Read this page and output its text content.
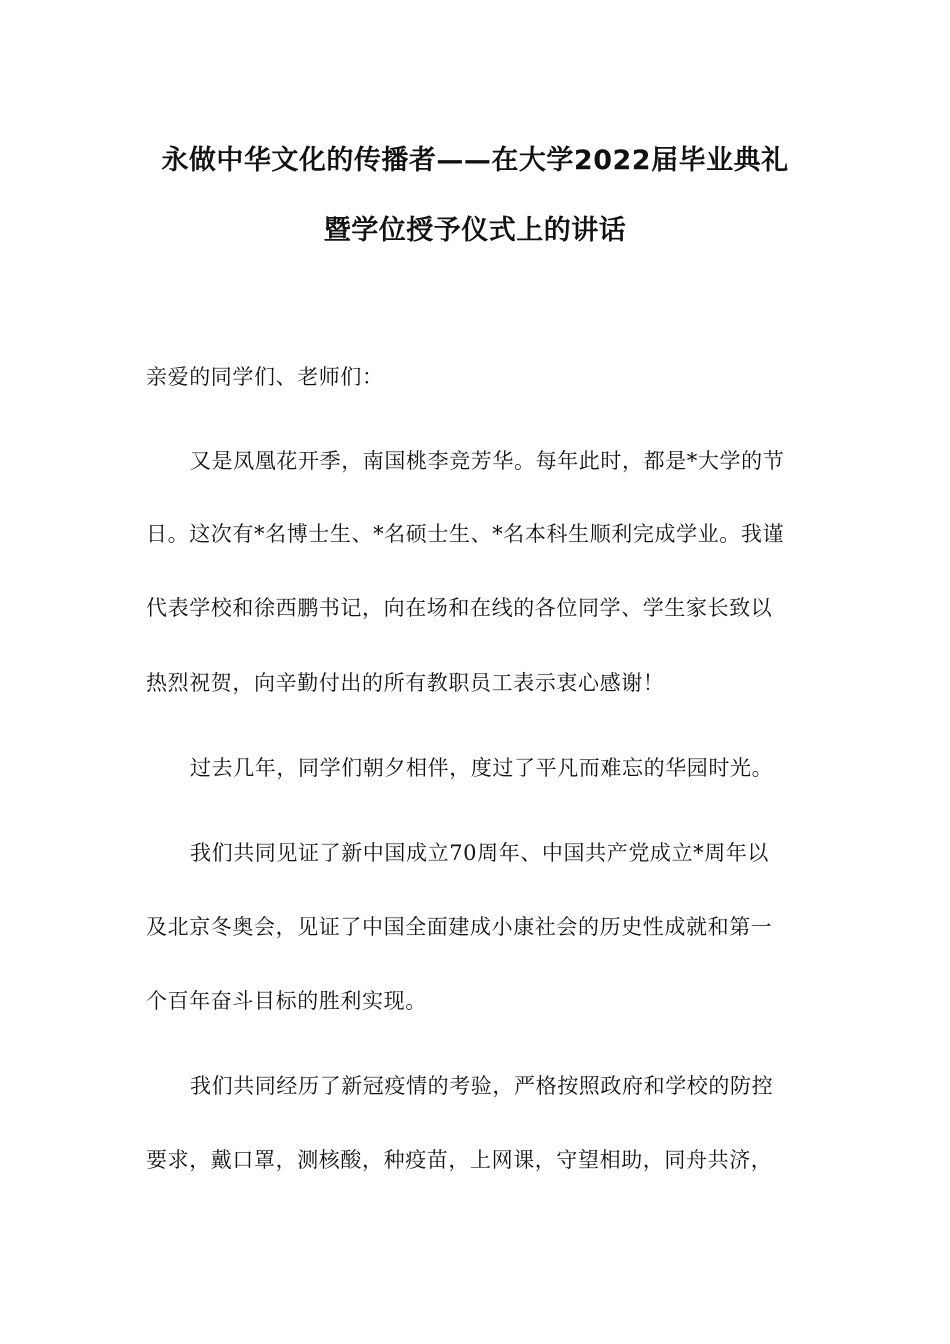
永做中华文化的传播者——在大学2022届毕业典礼
暨学位授予仪式上的讲话
亲爱的同学们、老师们：
又是凤凰花开季，南国桃李竞芳华。每年此时，都是*大学的节
日。这次有*名博士生、*名硕士生、*名本科生顺利完成学业。我谨
代表学校和徐西鹏书记，向在场和在线的各位同学、学生家长致以
热烈祝贺，向辛勤付出的所有教职员工表示衷心感谢！
过去几年，同学们朝夕相伴，度过了平凡而难忘的华园时光。
我们共同见证了新中国成立70周年、中国共产党成立*周年以
及北京冬奥会，见证了中国全面建成小康社会的历史性成就和第一
个百年奋斗目标的胜利实现。
我们共同经历了新冠疫情的考验，严格按照政府和学校的防控
要求，戴口罩，测核酸，种疫苗，上网课，守望相助，同舟共济，
